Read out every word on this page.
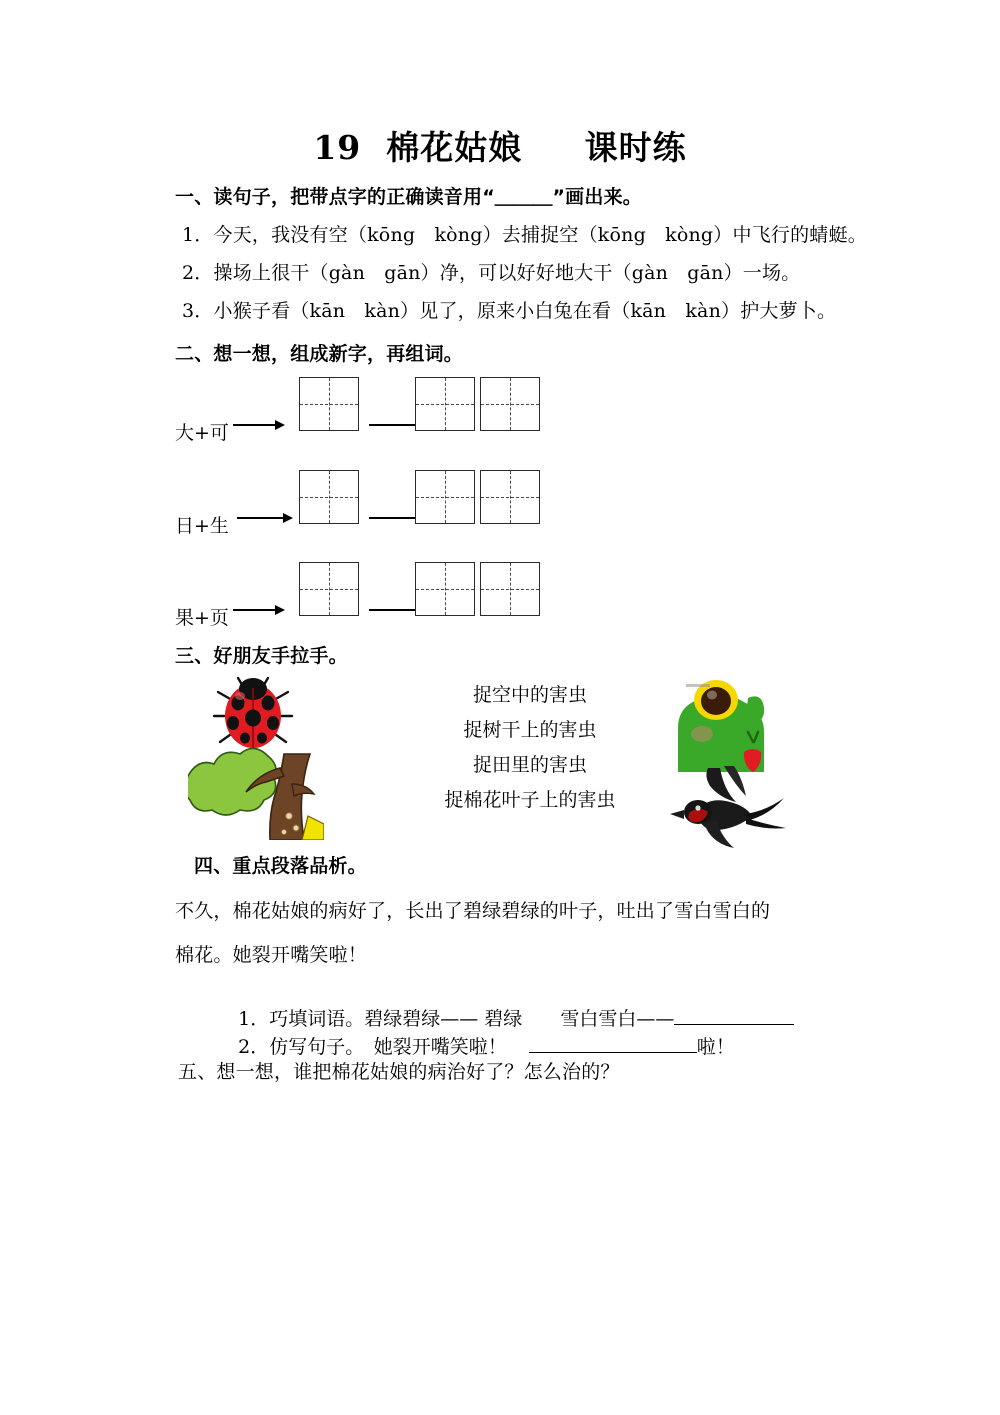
19  棉花姑娘     课时练
一、读句子，把带点字的正确读音用“＿＿＿”画出来。
1．今天，我没有空（kōng　kòng）去捕捉空（kōng　kòng）中飞行的蜻蜓。
2．操场上很干（gàn　gān）净，可以好好地大干（gàn　gān）一场。
3．小猴子看（kān　kàn）见了，原来小白兔在看（kān　kàn）护大萝卜。
二、想一想，组成新字，再组词。
大+可
日+生
果+页
三、好朋友手拉手。
捉空中的害虫
捉树干上的害虫
捉田里的害虫
捉棉花叶子上的害虫
四、重点段落品析。
不久，棉花姑娘的病好了，长出了碧绿碧绿的叶子，吐出了雪白雪白的
棉花。她裂开嘴笑啦！

1．巧填词语。碧绿碧绿—— 碧绿 雪白雪白——

2．仿写句子。　她裂开嘴笑啦！	啦！

五、想一想，谁把棉花姑娘的病治好了？怎么治的？
